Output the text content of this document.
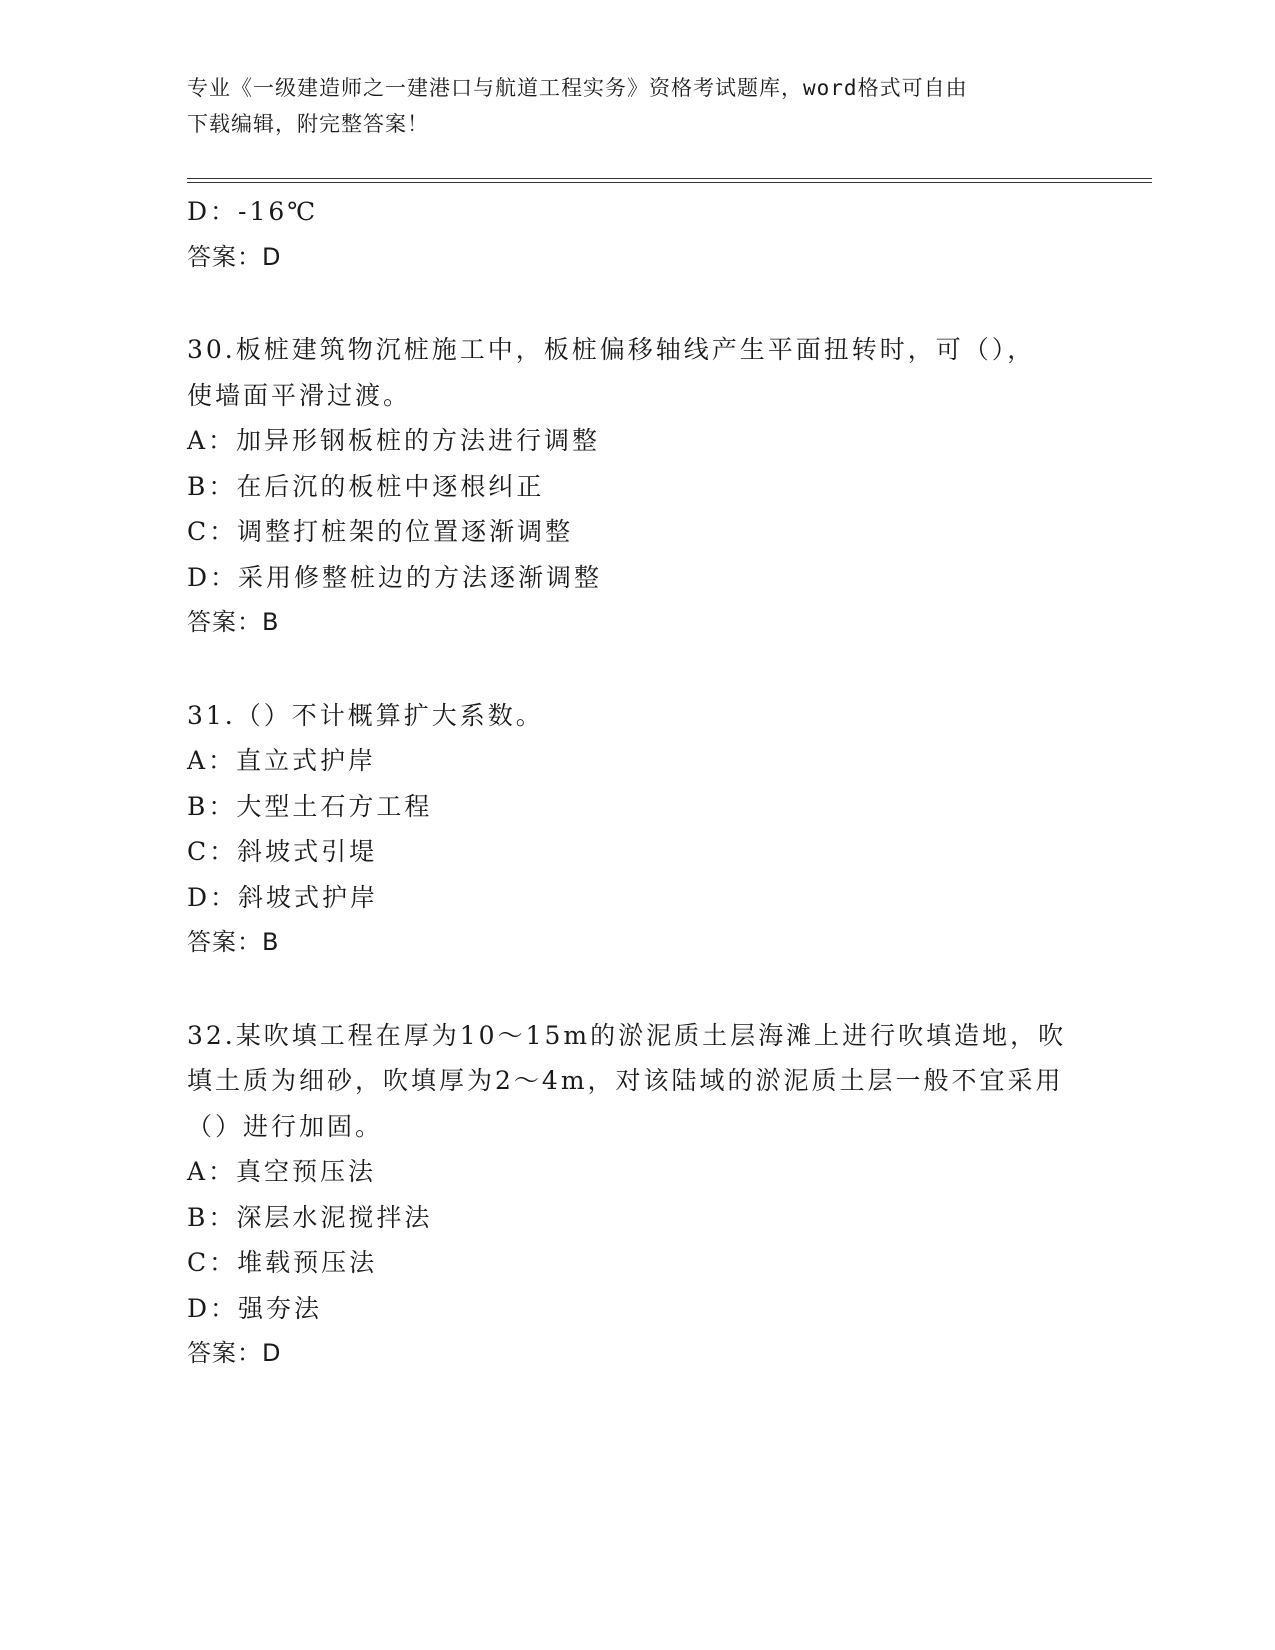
专业《一级建造师之一建港口与航道工程实务》资格考试题库，word格式可自由
下载编辑，附完整答案！
D：-16℃
答案：D
30.板桩建筑物沉桩施工中，板桩偏移轴线产生平面扭转时，可（），
使墙面平滑过渡。
A：加异形钢板桩的方法进行调整
B：在后沉的板桩中逐根纠正
C：调整打桩架的位置逐渐调整
D：采用修整桩边的方法逐渐调整
答案：B
31.（）不计概算扩大系数。
A：直立式护岸
B：大型土石方工程
C：斜坡式引堤
D：斜坡式护岸
答案：B
32.某吹填工程在厚为10～15m的淤泥质土层海滩上进行吹填造地，吹
填土质为细砂，吹填厚为2～4m，对该陆域的淤泥质土层一般不宜采用
（）进行加固。
A：真空预压法
B：深层水泥搅拌法
C：堆载预压法
D：强夯法
答案：D
